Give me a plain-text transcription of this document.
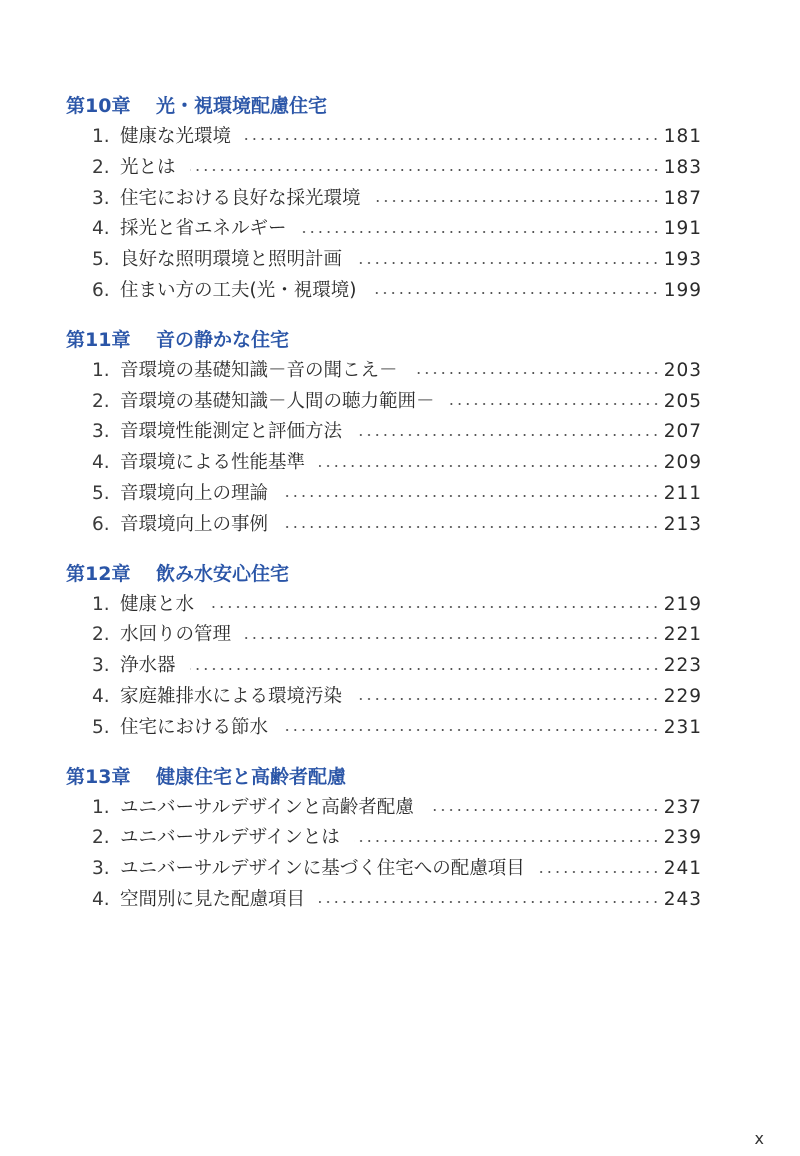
第10章 光・視環境配慮住宅
1. 健康な光環境	181
2. 光とは	183
3. 住宅における良好な採光環境	187
4. 採光と省エネルギー	191
5. 良好な照明環境と照明計画	193
6. 住まい方の工夫(光・視環境)	199
第11章 音の静かな住宅
1. 音環境の基礎知識－音の聞こえ－	203
2. 音環境の基礎知識－人間の聴力範囲－	205
3. 音環境性能測定と評価方法	207
4. 音環境による性能基準	209
5. 音環境向上の理論	211
6. 音環境向上の事例	213
第12章 飲み水安心住宅
1. 健康と水	219
2. 水回りの管理	221
3. 浄水器	223
4. 家庭雑排水による環境汚染	229
5. 住宅における節水	231
第13章 健康住宅と高齢者配慮
1. ユニバーサルデザインと高齢者配慮	237
2. ユニバーサルデザインとは	239
3. ユニバーサルデザインに基づく住宅への配慮項目	241
4. 空間別に見た配慮項目	243
x
